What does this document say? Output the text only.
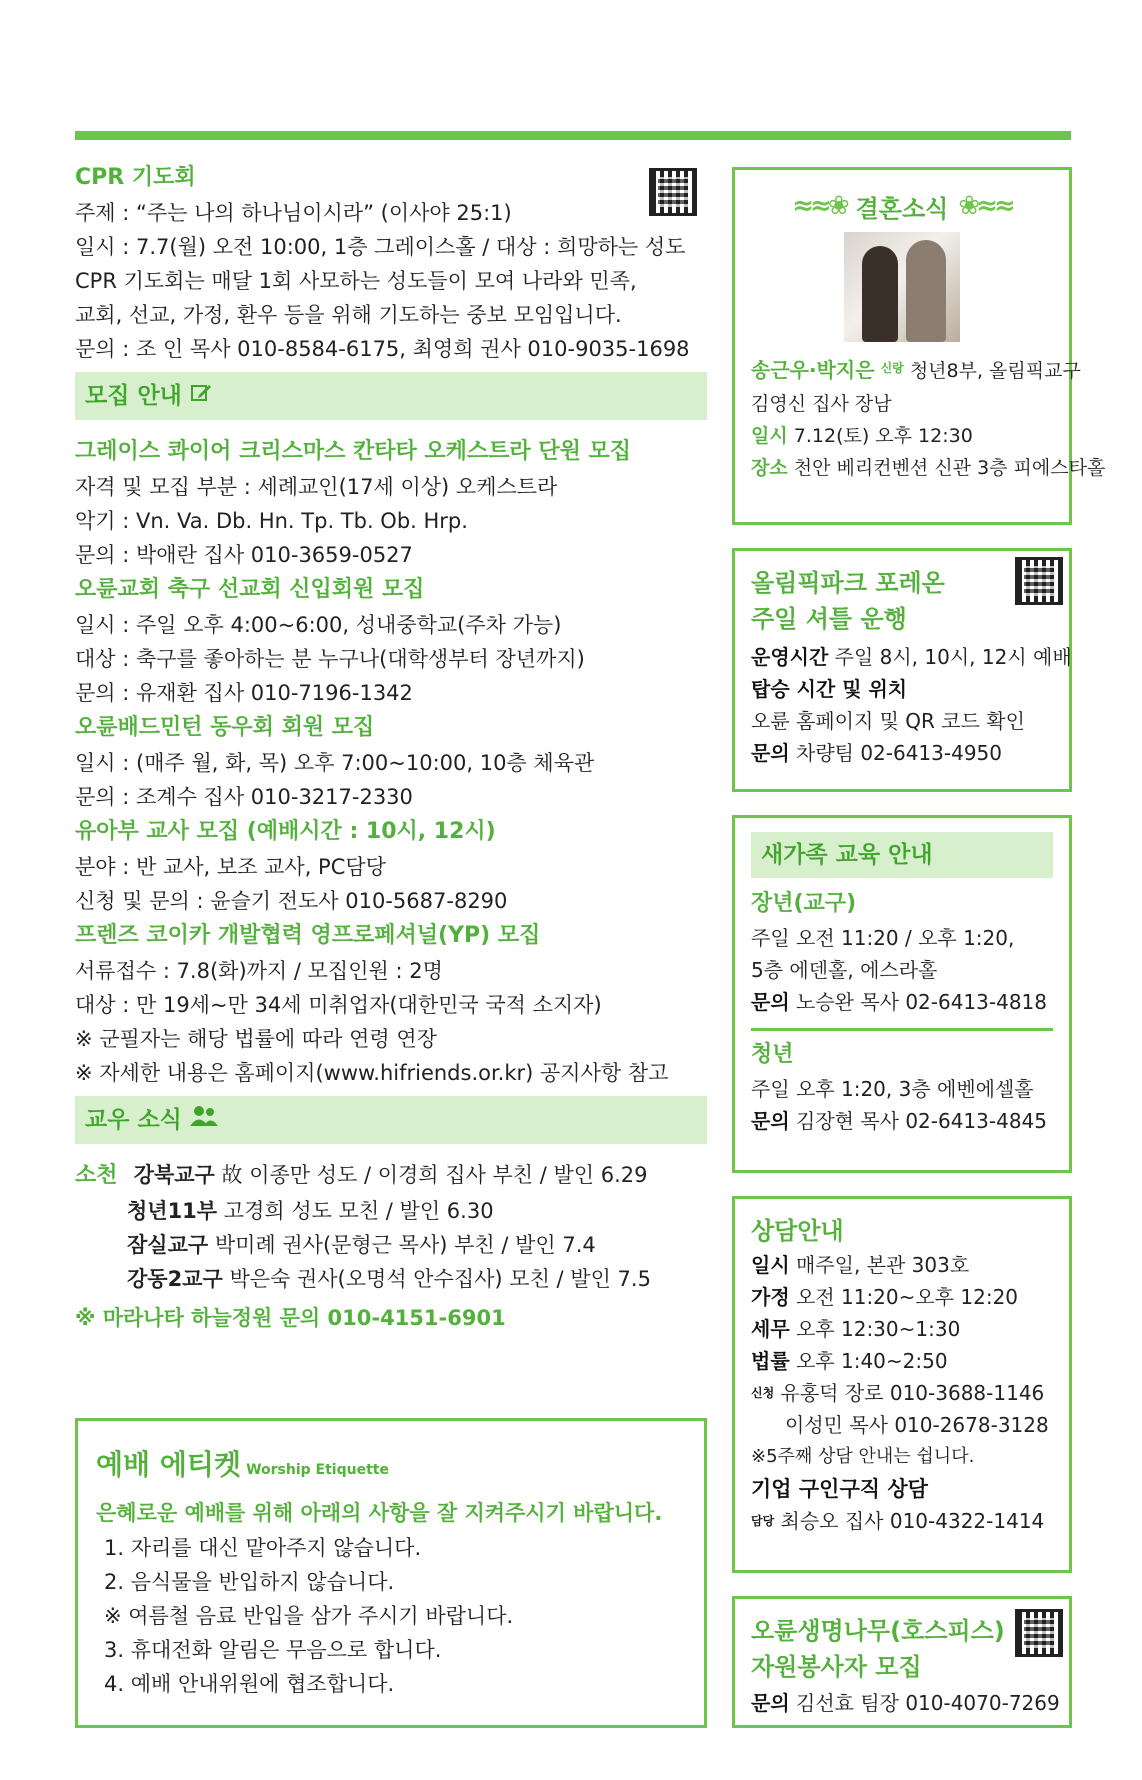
CPR 기도회
주제 : “주는 나의 하나님이시라” (이사야 25:1)
일시 : 7.7(월) 오전 10:00, 1층 그레이스홀 / 대상 : 희망하는 성도
CPR 기도회는 매달 1회 사모하는 성도들이 모여 나라와 민족,
교회, 선교, 가정, 환우 등을 위해 기도하는 중보 모임입니다.
문의 : 조 인 목사 010-8584-6175, 최영희 권사 010-9035-1698
모집 안내
그레이스 콰이어 크리스마스 칸타타 오케스트라 단원 모집
자격 및 모집 부분 : 세례교인(17세 이상) 오케스트라
악기 : Vn. Va. Db. Hn. Tp. Tb. Ob. Hrp.
문의 : 박애란 집사 010-3659-0527
오륜교회 축구 선교회 신입회원 모집
일시 : 주일 오후 4:00~6:00, 성내중학교(주차 가능)
대상 : 축구를 좋아하는 분 누구나(대학생부터 장년까지)
문의 : 유재환 집사 010-7196-1342
오륜배드민턴 동우회 회원 모집
일시 : (매주 월, 화, 목) 오후 7:00~10:00, 10층 체육관
문의 : 조계수 집사 010-3217-2330
유아부 교사 모집 (예배시간 : 10시, 12시)
분야 : 반 교사, 보조 교사, PC담당
신청 및 문의 : 윤슬기 전도사 010-5687-8290
프렌즈 코이카 개발협력 영프로페셔널(YP) 모집
서류접수 : 7.8(화)까지 / 모집인원 : 2명
대상 : 만 19세~만 34세 미취업자(대한민국 국적 소지자)
※ 군필자는 해당 법률에 따라 연령 연장
※ 자세한 내용은 홈페이지(www.hifriends.or.kr) 공지사항 참고
교우 소식
소천 강북교구 故 이종만 성도 / 이경희 집사 부친 / 발인 6.29
청년11부 고경희 성도 모친 / 발인 6.30
잠실교구 박미례 권사(문형근 목사) 부친 / 발인 7.4
강동2교구 박은숙 권사(오명석 안수집사) 모친 / 발인 7.5
※ 마라나타 하늘정원 문의 010-4151-6901
예배 에티켓 Worship Etiquette
은혜로운 예배를 위해 아래의 사항을 잘 지켜주시기 바랍니다.
1. 자리를 대신 맡아주지 않습니다.
2. 음식물을 반입하지 않습니다.
※ 여름철 음료 반입을 삼가 주시기 바랍니다.
3. 휴대전화 알림은 무음으로 합니다.
4. 예배 안내위원에 협조합니다.
≈≈❀ 결혼소식 ❀≈≈
송근우·박지은 $^{신랑}$ 청년8부, 올림픽교구
김영신 집사 장남
일시 7.12(토) 오후 12:30
장소 천안 베리컨벤션 신관 3층 피에스타홀
올림픽파크 포레온
주일 셔틀 운행
운영시간 주일 8시, 10시, 12시 예배
탑승 시간 및 위치
오륜 홈페이지 및 QR 코드 확인
문의 차량팀 02-6413-4950
새가족 교육 안내
장년(교구)
주일 오전 11:20 / 오후 1:20,
5층 에덴홀, 에스라홀
문의 노승완 목사 02-6413-4818
청년
주일 오후 1:20, 3층 에벤에셀홀
문의 김장현 목사 02-6413-4845
상담안내
일시 매주일, 본관 303호
가정 오전 11:20~오후 12:20
세무 오후 12:30~1:30
법률 오후 1:40~2:50
$^{신청}$ 유홍덕 장로 010-3688-1146
이성민 목사 010-2678-3128
※5주째 상담 안내는 쉽니다.
기업 구인구직 상담
$^{담당}$ 최승오 집사 010-4322-1414
오륜생명나무(호스피스)
자원봉사자 모집
문의 김선효 팀장 010-4070-7269
